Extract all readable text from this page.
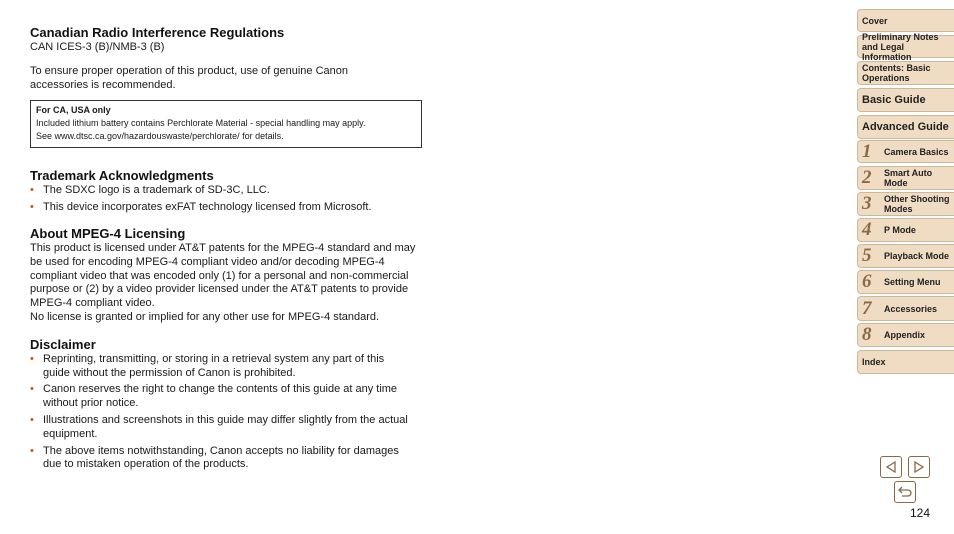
Canadian Radio Interference Regulations

CAN ICES-3 (B)/NMB-3 (B)

To ensure proper operation of this product, use of genuine Canon accessories is recommended.

For CA, USA only
Included lithium battery contains Perchlorate Material - special handling may apply.
See www.dtsc.ca.gov/hazardouswaste/perchlorate/ for details.
Trademark Acknowledgments
• The SDXC logo is a trademark of SD-3C, LLC.
• This device incorporates exFAT technology licensed from Microsoft.
About MPEG-4 Licensing

This product is licensed under AT&T patents for the MPEG-4 standard and may be used for encoding MPEG-4 compliant video and/or decoding MPEG-4 compliant video that was encoded only (1) for a personal and non-commercial purpose or (2) by a video provider licensed under the AT&T patents to provide MPEG-4 compliant video.

No license is granted or implied for any other use for MPEG-4 standard.

Disclaimer
• Reprinting, transmitting, or storing in a retrieval system any part of this guide without the permission of Canon is prohibited.
• Canon reserves the right to change the contents of this guide at any time without prior notice.
• Illustrations and screenshots in this guide may differ slightly from the actual equipment.
• The above items notwithstanding, Canon accepts no liability for damages due to mistaken operation of the products.
Cover
Preliminary Notes
and Legal Information
Contents: Basic
Operations
Basic Guide
Advanced Guide
1	Camera Basics
2	Smart Auto
Mode
3	Other Shooting
Modes
4	P Mode
5	Playback Mode
6	Setting Menu
7	Accessories
8	Appendix
Index
124
